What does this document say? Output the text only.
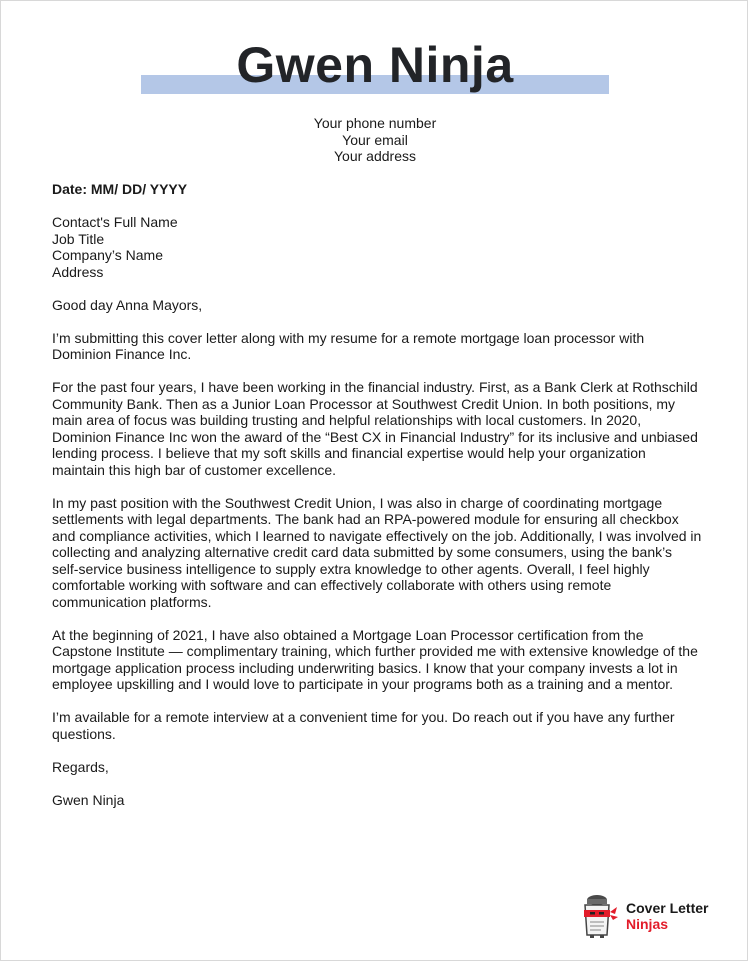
Gwen Ninja
Your phone number
Your email
Your address

Date: MM/ DD/ YYYY

Contact's Full Name
Job Title
Company’s Name
Address

Good day Anna Mayors,

I’m submitting this cover letter along with my resume for a remote mortgage loan processor with Dominion Finance Inc.

For the past four years, I have been working in the financial industry. First, as a Bank Clerk at Rothschild Community Bank. Then as a Junior Loan Processor at Southwest Credit Union. In both positions, my main area of focus was building trusting and helpful relationships with local customers. In 2020, Dominion Finance Inc won the award of the “Best CX in Financial Industry” for its inclusive and unbiased lending process. I believe that my soft skills and financial expertise would help your organization maintain this high bar of customer excellence.

In my past position with the Southwest Credit Union, I was also in charge of coordinating mortgage settlements with legal departments. The bank had an RPA-powered module for ensuring all checkbox and compliance activities, which I learned to navigate effectively on the job. Additionally, I was involved in collecting and analyzing alternative credit card data submitted by some consumers, using the bank’s self-service business intelligence to supply extra knowledge to other agents. Overall, I feel highly comfortable working with software and can effectively collaborate with others using remote communication platforms.

At the beginning of 2021, I have also obtained a Mortgage Loan Processor certification from the Capstone Institute — complimentary training, which further provided me with extensive knowledge of the mortgage application process including underwriting basics. I know that your company invests a lot in employee upskilling and I would love to participate in your programs both as a training and a mentor.

I’m available for a remote interview at a convenient time for you. Do reach out if you have any further questions.

Regards,

Gwen Ninja

Cover Letter
Ninjas
